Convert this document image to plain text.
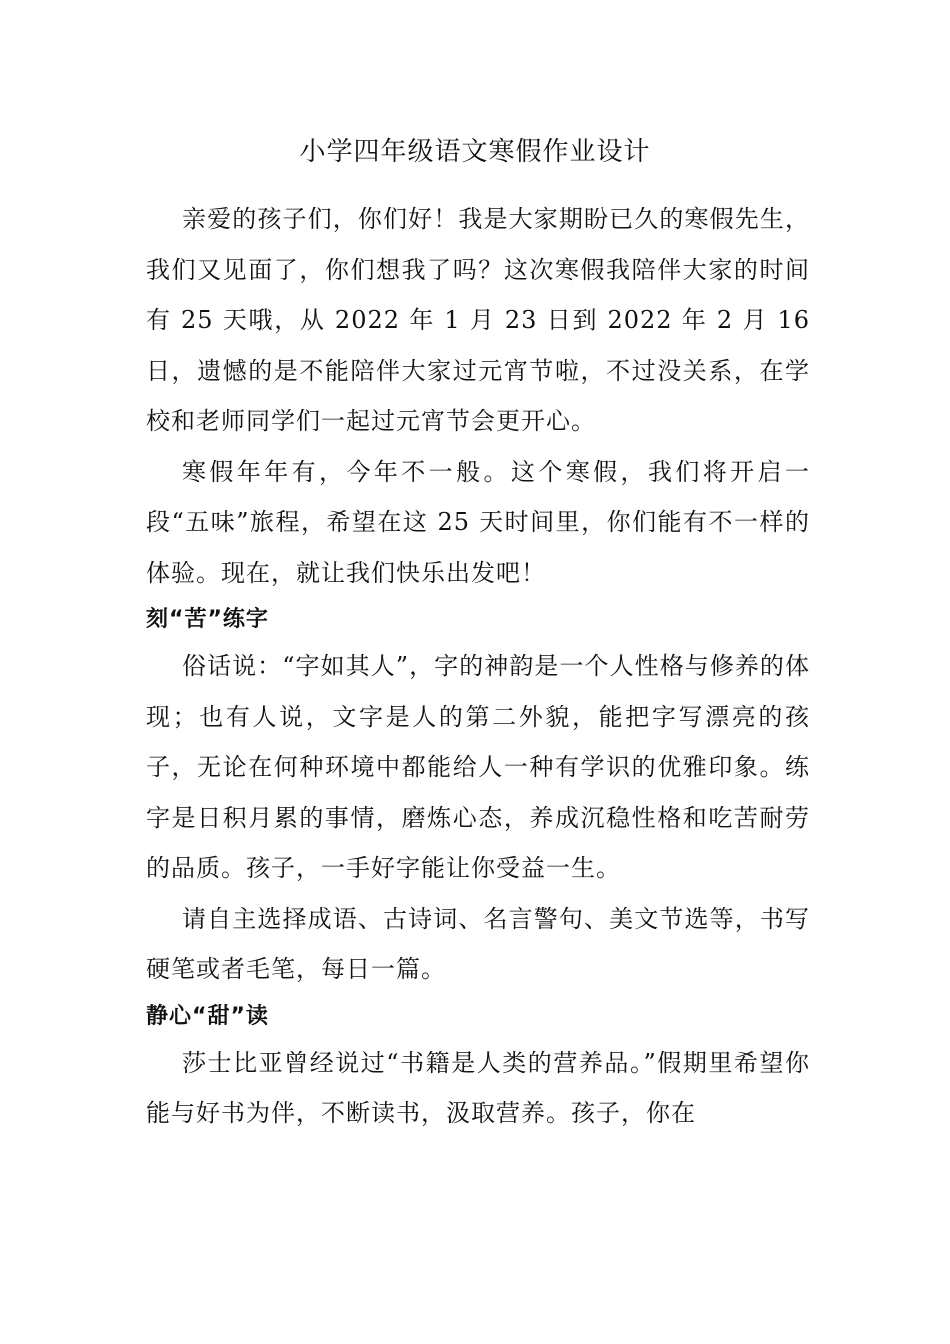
小学四年级语文寒假作业设计

亲爱的孩子们，你们好！我是大家期盼已久的寒假先生，我们又见面了，你们想我了吗？这次寒假我陪伴大家的时间有 25 天哦，从 2022 年 1 月 23 日到 2022 年 2 月 16 日，遗憾的是不能陪伴大家过元宵节啦，不过没关系，在学校和老师同学们一起过元宵节会更开心。

寒假年年有，今年不一般。这个寒假，我们将开启一段“五味”旅程，希望在这 25 天时间里，你们能有不一样的体验。现在，就让我们快乐出发吧！

刻“苦”练字

俗话说：“字如其人”，字的神韵是一个人性格与修养的体现；也有人说，文字是人的第二外貌，能把字写漂亮的孩子，无论在何种环境中都能给人一种有学识的优雅印象。练字是日积月累的事情，磨炼心态，养成沉稳性格和吃苦耐劳的品质。孩子，一手好字能让你受益一生。

请自主选择成语、古诗词、名言警句、美文节选等，书写硬笔或者毛笔，每日一篇。

静心“甜”读

莎士比亚曾经说过“书籍是人类的营养品。”假期里希望你能与好书为伴，不断读书，汲取营养。孩子，你在
